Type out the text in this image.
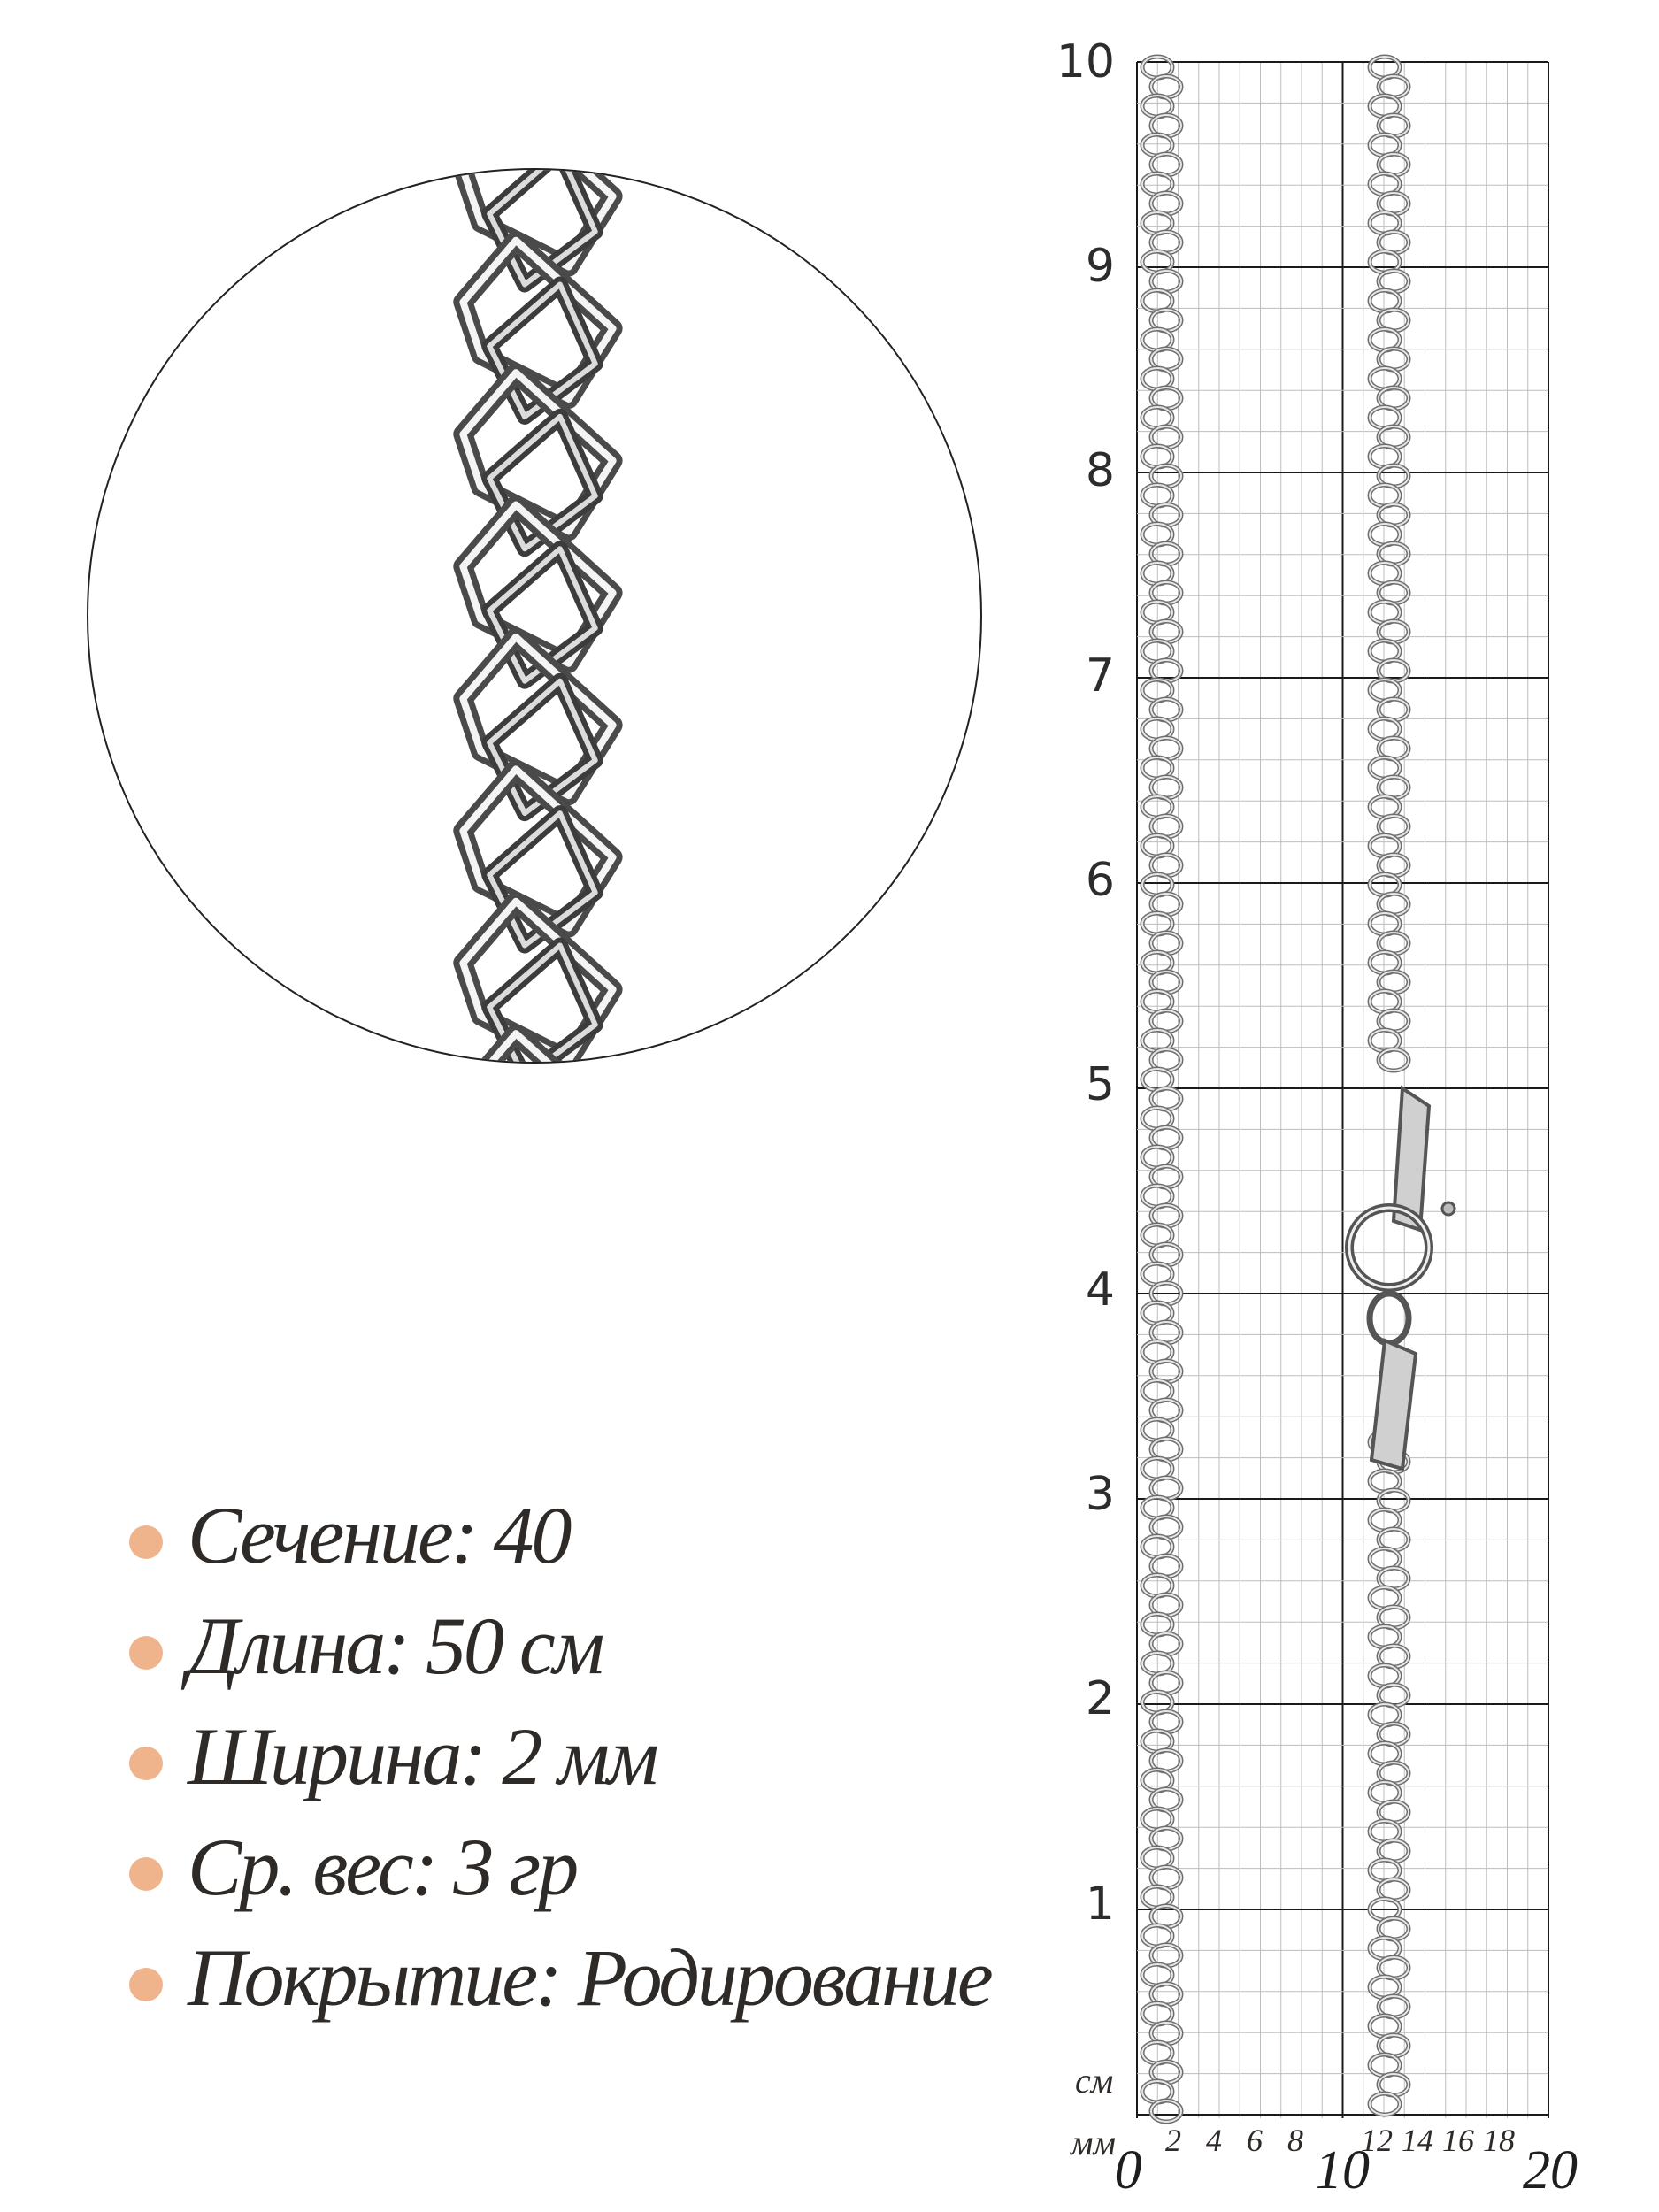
Сечение: 40
Длина: 50 см
Ширина: 2 мм
Ср. вес: 3 гр
Покрытие: Родирование
10
9
8
7
6
5
4
3
2
1
см
мм	2 4 6 8	12 14 16 18
0	10	20
